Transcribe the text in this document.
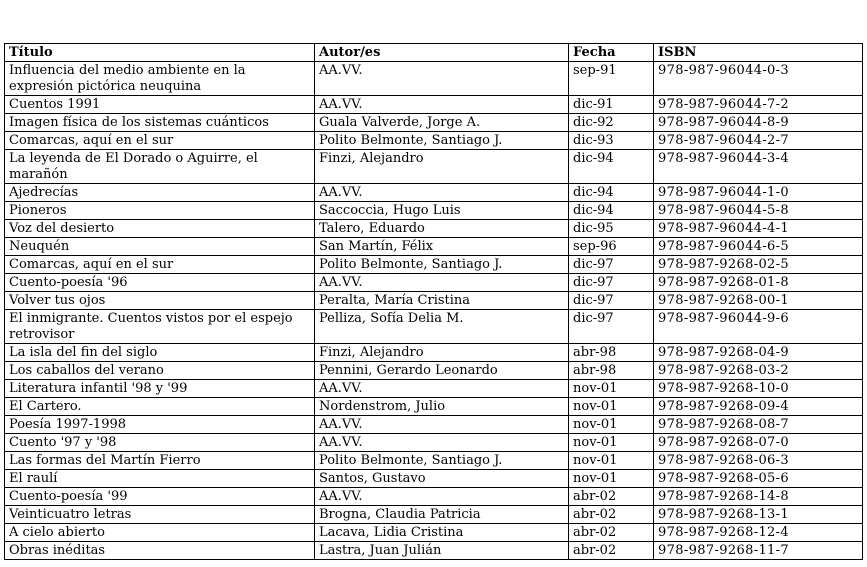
Título	Autor/es	Fecha	ISBN
Influencia del medio ambiente en la expresión pictórica neuquina	AA.VV.	sep-91	978-987-96044-0-3
Cuentos 1991	AA.VV.	dic-91	978-987-96044-7-2
Imagen física de los sistemas cuánticos	Guala Valverde, Jorge A.	dic-92	978-987-96044-8-9
Comarcas, aquí en el sur	Polito Belmonte, Santiago J.	dic-93	978-987-96044-2-7
La leyenda de El Dorado o Aguirre, el marañón	Finzi, Alejandro	dic-94	978-987-96044-3-4
Ajedrecías	AA.VV.	dic-94	978-987-96044-1-0
Pioneros	Saccoccia, Hugo Luis	dic-94	978-987-96044-5-8
Voz del desierto	Talero, Eduardo	dic-95	978-987-96044-4-1
Neuquén	San Martín, Félix	sep-96	978-987-96044-6-5
Comarcas, aquí en el sur	Polito Belmonte, Santiago J.	dic-97	978-987-9268-02-5
Cuento-poesía '96	AA.VV.	dic-97	978-987-9268-01-8
Volver tus ojos	Peralta, María Cristina	dic-97	978-987-9268-00-1
El inmigrante. Cuentos vistos por el espejo retrovisor	Pelliza, Sofía Delia M.	dic-97	978-987-96044-9-6
La isla del fin del siglo	Finzi, Alejandro	abr-98	978-987-9268-04-9
Los caballos del verano	Pennini, Gerardo Leonardo	abr-98	978-987-9268-03-2
Literatura infantil '98 y '99	AA.VV.	nov-01	978-987-9268-10-0
El Cartero.	Nordenstrom, Julio	nov-01	978-987-9268-09-4
Poesía 1997-1998	AA.VV.	nov-01	978-987-9268-08-7
Cuento '97 y '98	AA.VV.	nov-01	978-987-9268-07-0
Las formas del Martín Fierro	Polito Belmonte, Santiago J.	nov-01	978-987-9268-06-3
El raulí	Santos, Gustavo	nov-01	978-987-9268-05-6
Cuento-poesía '99	AA.VV.	abr-02	978-987-9268-14-8
Veinticuatro letras	Brogna, Claudia Patricia	abr-02	978-987-9268-13-1
A cielo abierto	Lacava, Lidia Cristina	abr-02	978-987-9268-12-4
Obras inéditas	Lastra, Juan Julián	abr-02	978-987-9268-11-7
